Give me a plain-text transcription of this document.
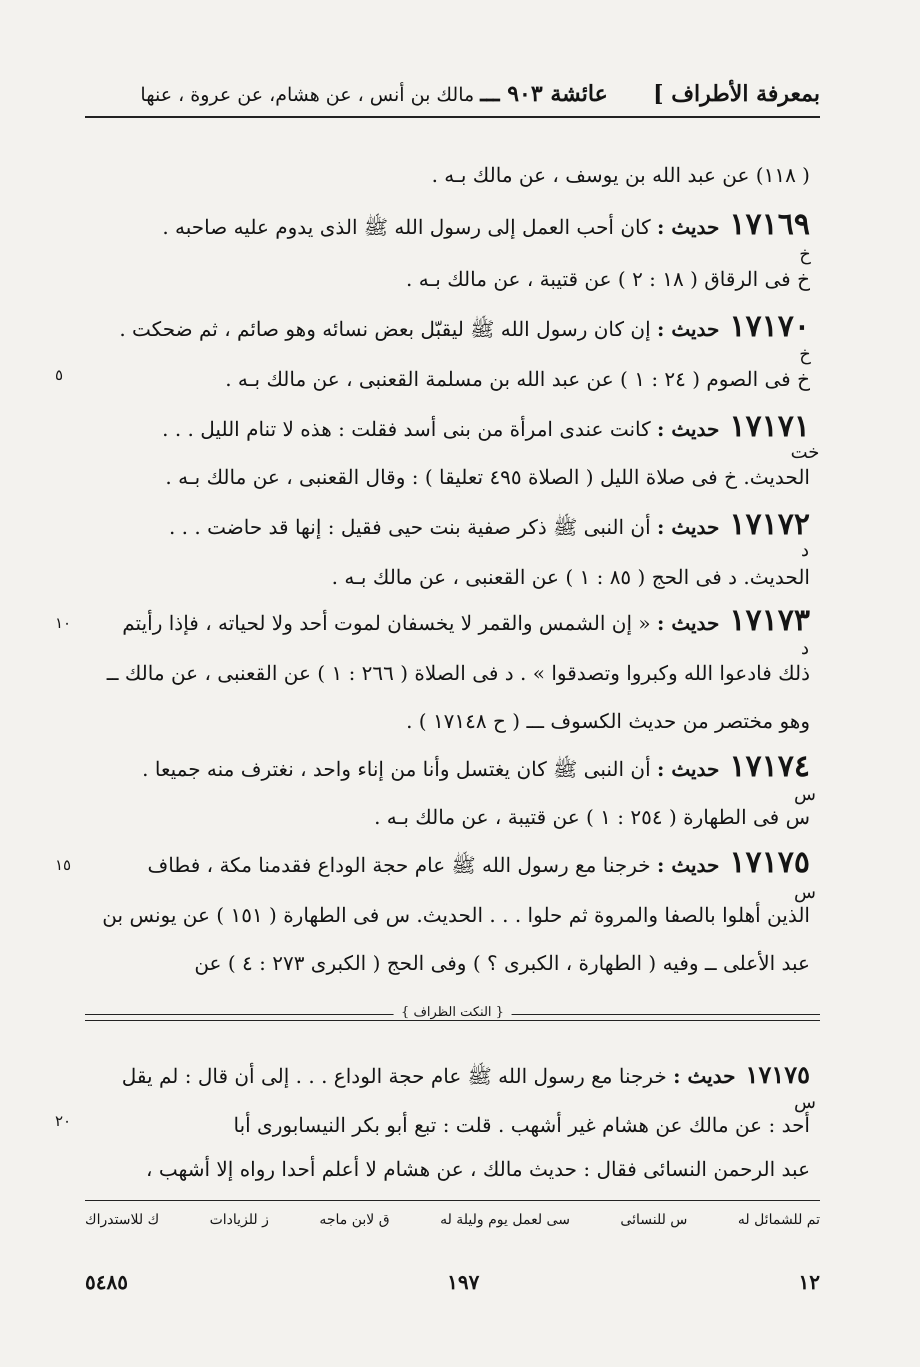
بمعرفة الأطراف ]
عائشة ٩٠٣ ـــ مالك بن أنس ، عن هشام، عن عروة ، عنها
( ١١٨) عن عبد الله بن يوسف ، عن مالك بـه .
١٧١٦٩حديث : كان أحب العمل إلى رسول الله ﷺ الذى يدوم عليه صاحبه .
خ فى الرقاق ( ١٨ : ٢ ) عن قتيبة ، عن مالك بـه .
١٧١٧٠حديث : إن كان رسول الله ﷺ ليقبّل بعض نسائه وهو صائم ، ثم ضحكت .
خ فى الصوم ( ٢٤ : ١ ) عن عبد الله بن مسلمة القعنبى ، عن مالك بـه .
١٧١٧١حديث : كانت عندى امرأة من بنى أسد فقلت : هذه لا تنام الليل . . .
الحديث. خ فى صلاة الليل ( الصلاة ٤٩٥ تعليقا ) : وقال القعنبى ، عن مالك بـه .
١٧١٧٢حديث : أن النبى ﷺ ذكر صفية بنت حيى فقيل : إنها قد حاضت . . .
الحديث. د فى الحج ( ٨٥ : ١ ) عن القعنبى ، عن مالك بـه .
١٧١٧٣حديث : « إن الشمس والقمر لا يخسفان لموت أحد ولا لحياته ، فإذا رأيتم
ذلك فادعوا الله وكبروا وتصدقوا » . د فى الصلاة ( ٢٦٦ : ١ ) عن القعنبى ، عن مالك ــ
وهو مختصر من حديث الكسوف ـــ ( ح ١٧١٤٨ ) .
١٧١٧٤حديث : أن النبى ﷺ كان يغتسل وأنا من إناء واحد ، نغترف منه جميعا .
س فى الطهارة ( ٢٥٤ : ١ ) عن قتيبة ، عن مالك بـه .
١٧١٧٥حديث : خرجنا مع رسول الله ﷺ عام حجة الوداع فقدمنا مكة ، فطاف
الذين أهلوا بالصفا والمروة ثم حلوا . . . الحديث. س فى الطهارة ( ١٥١ ) عن يونس بن
عبد الأعلى ــ وفيه ( الطهارة ، الكبرى ؟ ) وفى الحج ( الكبرى ٢٧٣ : ٤ ) عن
{ النكت الظراف }
١٧١٧٥حديث : خرجنا مع رسول الله ﷺ عام حجة الوداع . . . إلى أن قال : لم يقل
أحد : عن مالك عن هشام غير أشهب . قلت : تبع أبو بكر النيسابورى أبا
عبد الرحمن النسائى فقال : حديث مالك ، عن هشام لا أعلم أحدا رواه إلا أشهب ،
خ
خ
خت
د
د
س
س
س
٥
١٠
١٥
٢٠
تم للشمائل له
س للنسائى
سى لعمل يوم وليلة له
ق لابن ماجه
ز للزيادات
ك للاستدراك
١٢
١٩٧
٥٤٨٥
